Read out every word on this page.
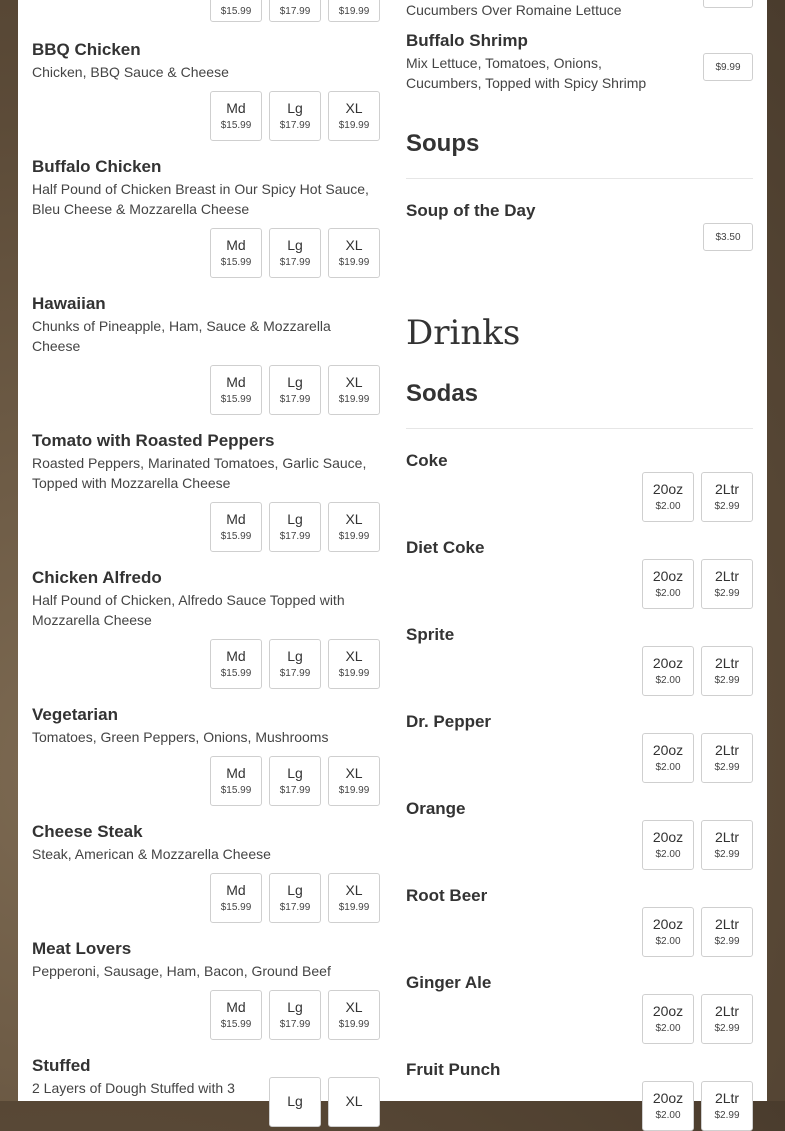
$15.99	$17.99	$19.99
BBQ Chicken
Chicken, BBQ Sauce & Cheese
Md
$15.99
Lg
$17.99
XL
$19.99
Buffalo Chicken
Half Pound of Chicken Breast in Our Spicy Hot Sauce, Bleu Cheese & Mozzarella Cheese
Md
$15.99
Lg
$17.99
XL
$19.99
Hawaiian
Chunks of Pineapple, Ham, Sauce & Mozzarella Cheese
Md
$15.99
Lg
$17.99
XL
$19.99
Tomato with Roasted Peppers
Roasted Peppers, Marinated Tomatoes, Garlic Sauce, Topped with Mozzarella Cheese
Md
$15.99
Lg
$17.99
XL
$19.99
Chicken Alfredo
Half Pound of Chicken, Alfredo Sauce Topped with Mozzarella Cheese
Md
$15.99
Lg
$17.99
XL
$19.99
Vegetarian
Tomatoes, Green Peppers, Onions, Mushrooms
Md
$15.99
Lg
$17.99
XL
$19.99
Cheese Steak
Steak, American & Mozzarella Cheese
Md
$15.99
Lg
$17.99
XL
$19.99
Meat Lovers
Pepperoni, Sausage, Ham, Bacon, Ground Beef
Md
$15.99
Lg
$17.99
XL
$19.99
Stuffed
2 Layers of Dough Stuffed with 3
Lg	XL
Cucumbers Over Romaine Lettuce
Buffalo Shrimp
Mix Lettuce, Tomatoes, Onions, Cucumbers, Topped with Spicy Shrimp
$9.99
Soups
Soup of the Day
$3.50
Drinks
Sodas
Coke
20oz
$2.00
2Ltr
$2.99
Diet Coke
20oz
$2.00
2Ltr
$2.99
Sprite
20oz
$2.00
2Ltr
$2.99
Dr. Pepper
20oz
$2.00
2Ltr
$2.99
Orange
20oz
$2.00
2Ltr
$2.99
Root Beer
20oz
$2.00
2Ltr
$2.99
Ginger Ale
20oz
$2.00
2Ltr
$2.99
Fruit Punch
20oz
$2.00
2Ltr
$2.99
